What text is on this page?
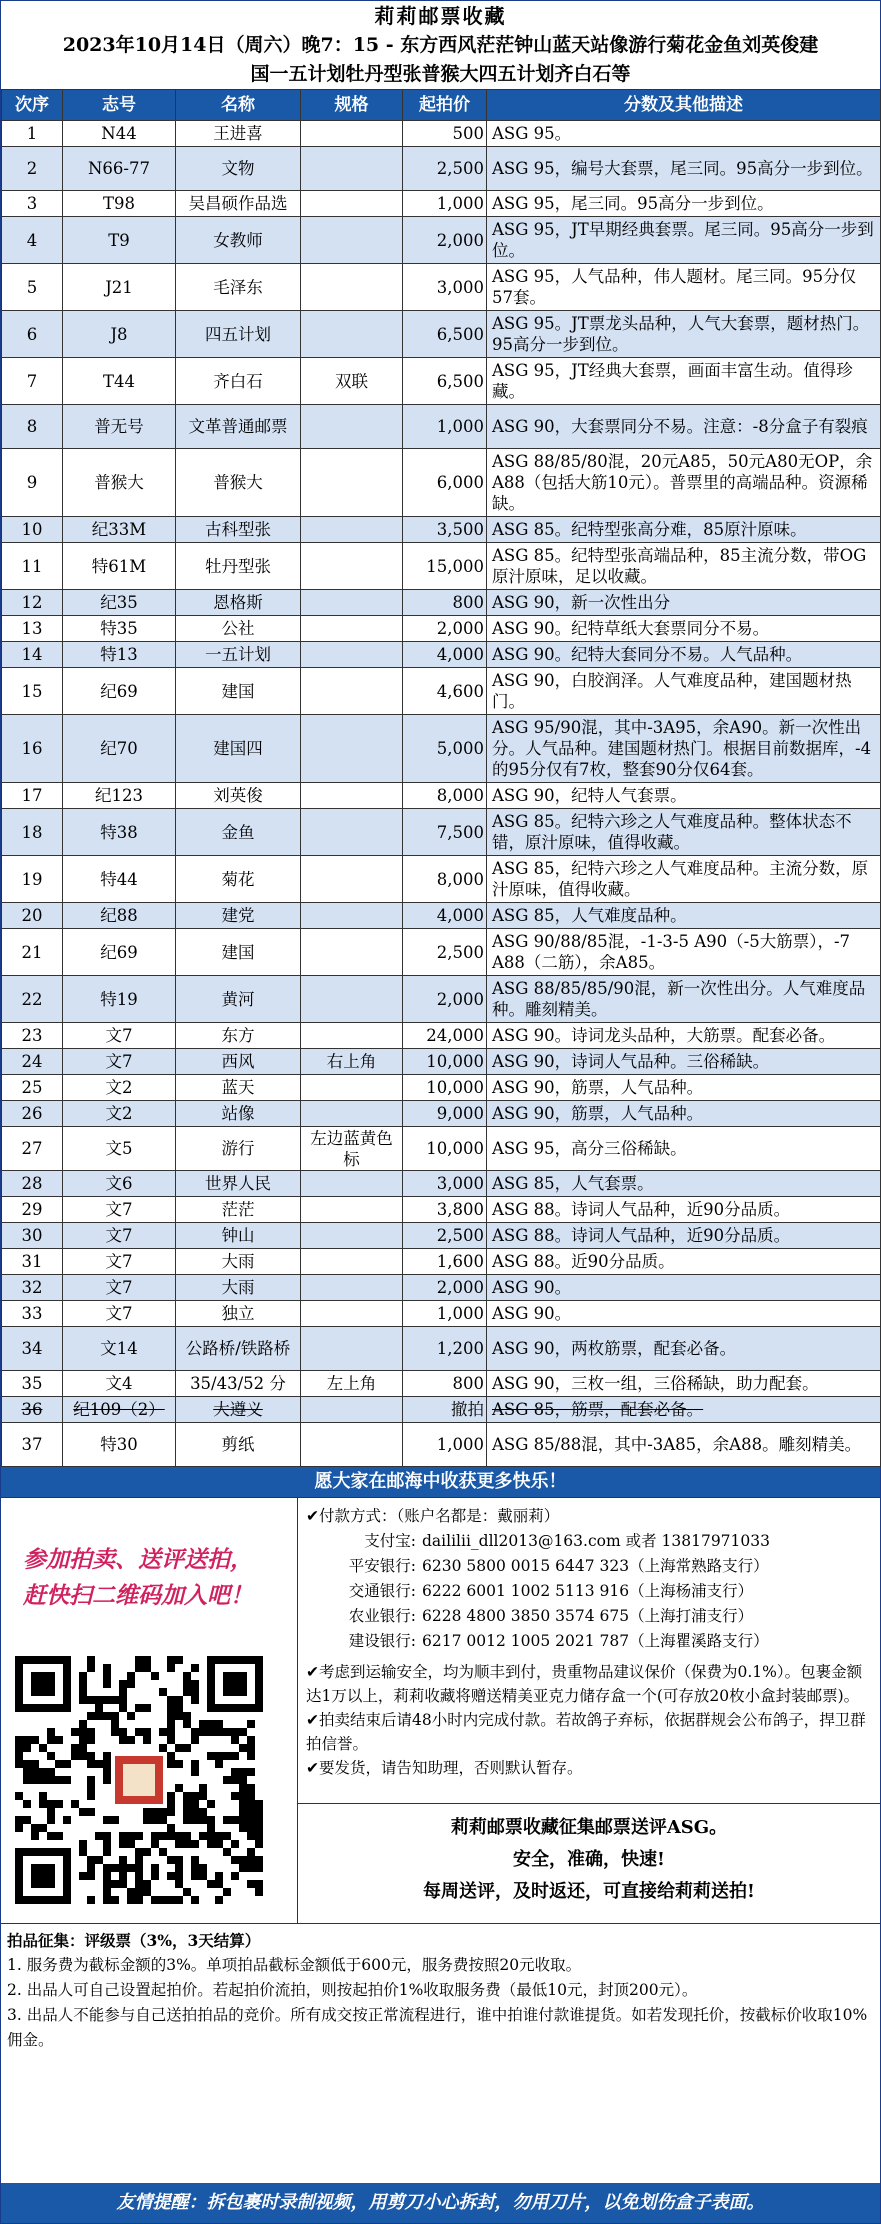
莉莉邮票收藏
2023年10月14日（周六）晚7：15 - 东方西风茫茫钟山蓝天站像游行菊花金鱼刘英俊建
国一五计划牡丹型张普猴大四五计划齐白石等
次序	志号	名称	规格	起拍价	分数及其他描述
1	N44	王进喜		500	ASG 95。
2	N66-77	文物		2,500	ASG 95，编号大套票，尾三同。95高分一步到位。
3	T98	吴昌硕作品选		1,000	ASG 95，尾三同。95高分一步到位。
4	T9	女教师		2,000	ASG 95，JT早期经典套票。尾三同。95高分一步到位。
5	J21	毛泽东		3,000	ASG 95，人气品种，伟人题材。尾三同。95分仅57套。
6	J8	四五计划		6,500	ASG 95。JT票龙头品种，人气大套票，题材热门。95高分一步到位。
7	T44	齐白石	双联	6,500	ASG 95，JT经典大套票，画面丰富生动。值得珍藏。
8	普无号	文革普通邮票		1,000	ASG 90，大套票同分不易。注意：-8分盒子有裂痕
9	普猴大	普猴大		6,000	ASG 88/85/80混，20元A85，50元A80无OP，余A88（包括大筋10元）。普票里的高端品种。资源稀缺。
10	纪33M	古科型张		3,500	ASG 85。纪特型张高分难，85原汁原味。
11	特61M	牡丹型张		15,000	ASG 85。纪特型张高端品种，85主流分数，带OG原汁原味，足以收藏。
12	纪35	恩格斯		800	ASG 90，新一次性出分
13	特35	公社		2,000	ASG 90。纪特草纸大套票同分不易。
14	特13	一五计划		4,000	ASG 90。纪特大套同分不易。人气品种。
15	纪69	建国		4,600	ASG 90，白胶润泽。人气难度品种，建国题材热门。
16	纪70	建国四		5,000	ASG 95/90混，其中-3A95，余A90。新一次性出分。人气品种。建国题材热门。根据目前数据库，-4的95分仅有7枚，整套90分仅64套。
17	纪123	刘英俊		8,000	ASG 90，纪特人气套票。
18	特38	金鱼		7,500	ASG 85。纪特六珍之人气难度品种。整体状态不错，原汁原味，值得收藏。
19	特44	菊花		8,000	ASG 85，纪特六珍之人气难度品种。主流分数，原汁原味，值得收藏。
20	纪88	建党		4,000	ASG 85，人气难度品种。
21	纪69	建国		2,500	ASG 90/88/85混，-1-3-5 A90（-5大筋票），-7 A88（二筋），余A85。
22	特19	黄河		2,000	ASG 88/85/85/90混，新一次性出分。人气难度品种。雕刻精美。
23	文7	东方		24,000	ASG 90。诗词龙头品种，大筋票。配套必备。
24	文7	西风	右上角	10,000	ASG 90，诗词人气品种。三俗稀缺。
25	文2	蓝天		10,000	ASG 90，筋票，人气品种。
26	文2	站像		9,000	ASG 90，筋票，人气品种。
27	文5	游行	左边蓝黄色标	10,000	ASG 95，高分三俗稀缺。
28	文6	世界人民		3,000	ASG 85，人气套票。
29	文7	茫茫		3,800	ASG 88。诗词人气品种，近90分品质。
30	文7	钟山		2,500	ASG 88。诗词人气品种，近90分品质。
31	文7	大雨		1,600	ASG 88。近90分品质。
32	文7	大雨		2,000	ASG 90。
33	文7	独立		1,000	ASG 90。
34	文14	公路桥/铁路桥		1,200	ASG 90，两枚筋票，配套必备。
35	文4	35/43/52 分	左上角	800	ASG 90，三枚一组，三俗稀缺，助力配套。
36	纪109（2）	大遵义		撤拍	ASG 85，筋票，配套必备。
37	特30	剪纸		1,000	ASG 85/88混，其中-3A85，余A88。雕刻精美。
愿大家在邮海中收获更多快乐！
参加拍卖、送评送拍，
赶快扫二维码加入吧！
✔付款方式：（账户名都是：戴丽莉）
支付宝: daililii_dll2013@163.com 或者 13817971033
平安银行: 6230 5800 0015 6447 323（上海常熟路支行）
交通银行: 6222 6001 1002 5113 916（上海杨浦支行）
农业银行: 6228 4800 3850 3574 675（上海打浦支行）
建设银行: 6217 0012 1005 2021 787（上海瞿溪路支行）
✔考虑到运输安全，均为顺丰到付，贵重物品建议保价（保费为0.1%）。包裹金额达1万以上，莉莉收藏将赠送精美亚克力储存盒一个(可存放20枚小盒封装邮票)。
✔拍卖结束后请48小时内完成付款。若故鸽子弃标，依据群规会公布鸽子，捍卫群拍信誉。
✔要发货，请告知助理，否则默认暂存。
莉莉邮票收藏征集邮票送评ASG。
安全，准确，快速!
每周送评，及时返还，可直接给莉莉送拍!
拍品征集：评级票（3%，3天结算）
1. 服务费为截标金额的3%。单项拍品截标金额低于600元，服务费按照20元收取。
2. 出品人可自己设置起拍价。若起拍价流拍，则按起拍价1%收取服务费（最低10元，封顶200元）。
3. 出品人不能参与自己送拍拍品的竞价。所有成交按正常流程进行，谁中拍谁付款谁提货。如若发现托价，按截标价收取10%佣金。
友情提醒：拆包裹时录制视频，用剪刀小心拆封，勿用刀片，以免划伤盒子表面。
